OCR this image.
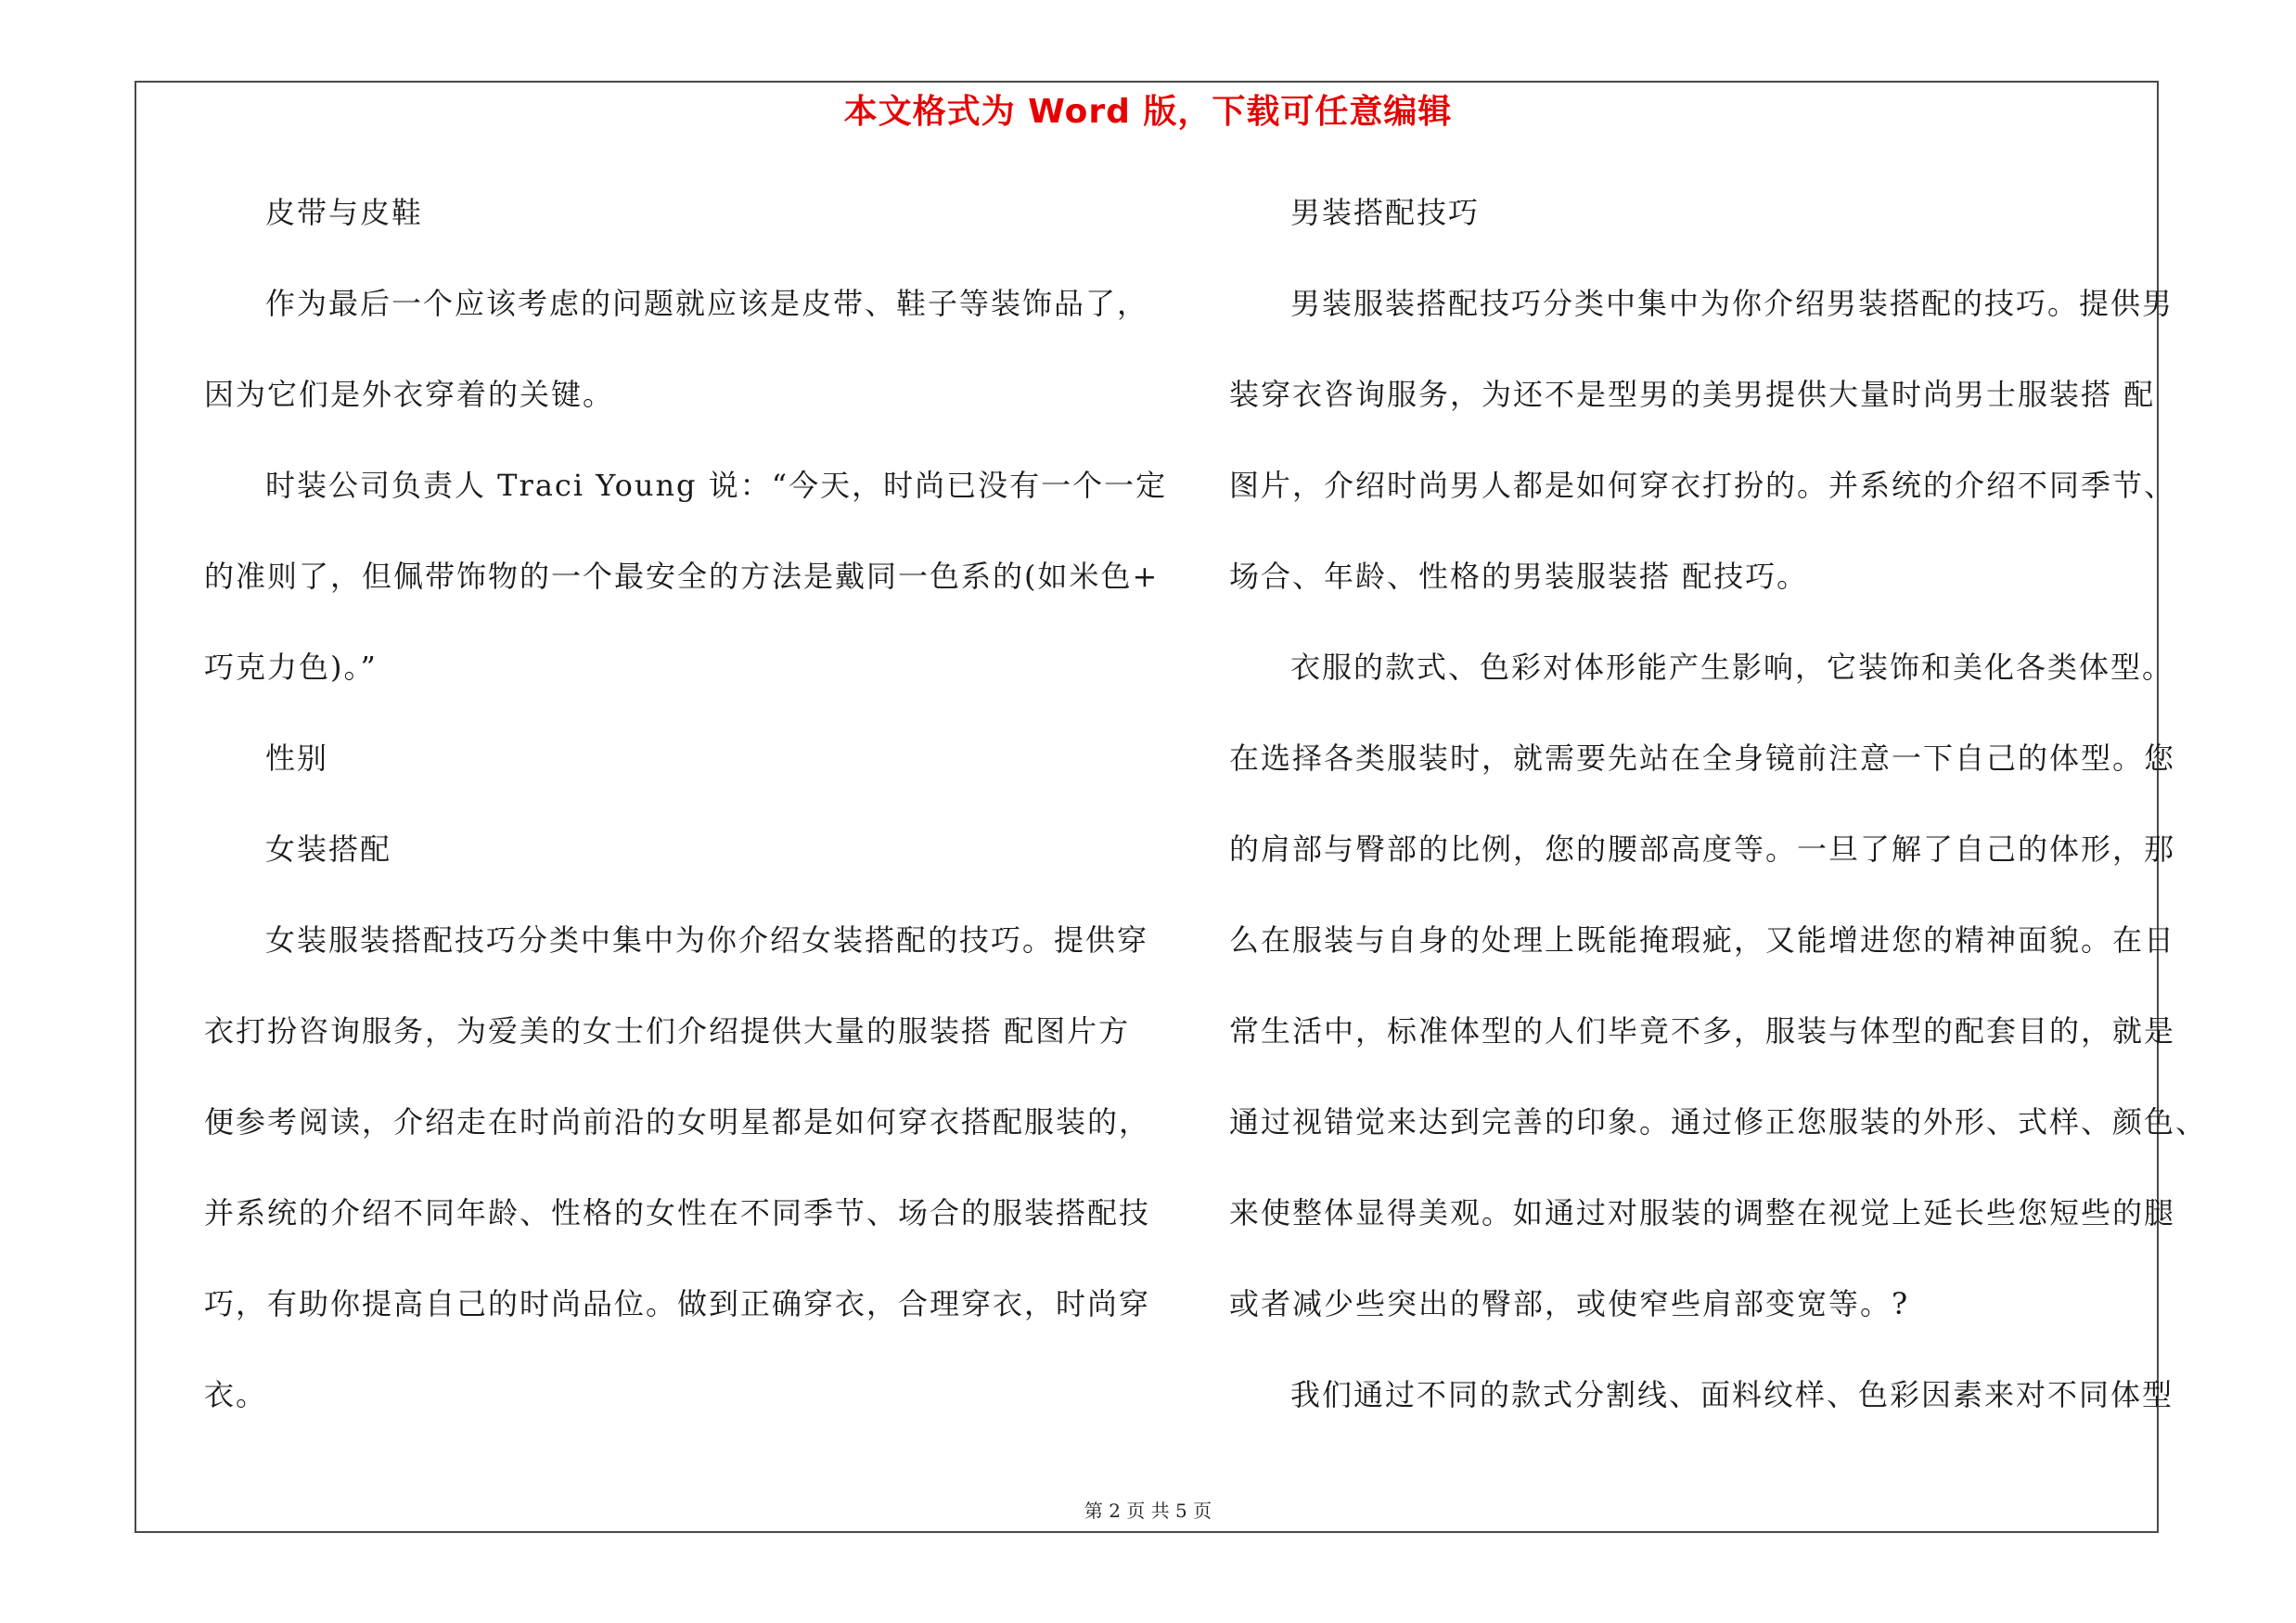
本文格式为 Word 版，下载可任意编辑
皮带与皮鞋
作为最后一个应该考虑的问题就应该是皮带、鞋子等装饰品了，
因为它们是外衣穿着的关键。
时装公司负责人 Traci Young 说：“今天，时尚已没有一个一定
的准则了，但佩带饰物的一个最安全的方法是戴同一色系的(如米色+
巧克力色)。”
性别
女装搭配
女装服装搭配技巧分类中集中为你介绍女装搭配的技巧。提供穿
衣打扮咨询服务，为爱美的女士们介绍提供大量的服装搭 配图片方
便参考阅读，介绍走在时尚前沿的女明星都是如何穿衣搭配服装的，
并系统的介绍不同年龄、性格的女性在不同季节、场合的服装搭配技
巧，有助你提高自己的时尚品位。做到正确穿衣，合理穿衣，时尚穿
衣。
男装搭配技巧
男装服装搭配技巧分类中集中为你介绍男装搭配的技巧。提供男
装穿衣咨询服务，为还不是型男的美男提供大量时尚男士服装搭 配
图片，介绍时尚男人都是如何穿衣打扮的。并系统的介绍不同季节、
场合、年龄、性格的男装服装搭 配技巧。
衣服的款式、色彩对体形能产生影响，它装饰和美化各类体型。
在选择各类服装时，就需要先站在全身镜前注意一下自己的体型。您
的肩部与臀部的比例，您的腰部高度等。一旦了解了自己的体形，那
么在服装与自身的处理上既能掩瑕疵，又能增进您的精神面貌。在日
常生活中，标准体型的人们毕竟不多，服装与体型的配套目的，就是
通过视错觉来达到完善的印象。通过修正您服装的外形、式样、颜色、
来使整体显得美观。如通过对服装的调整在视觉上延长些您短些的腿
或者减少些突出的臀部，或使窄些肩部变宽等。?
我们通过不同的款式分割线、面料纹样、色彩因素来对不同体型
第 2 页 共 5 页
